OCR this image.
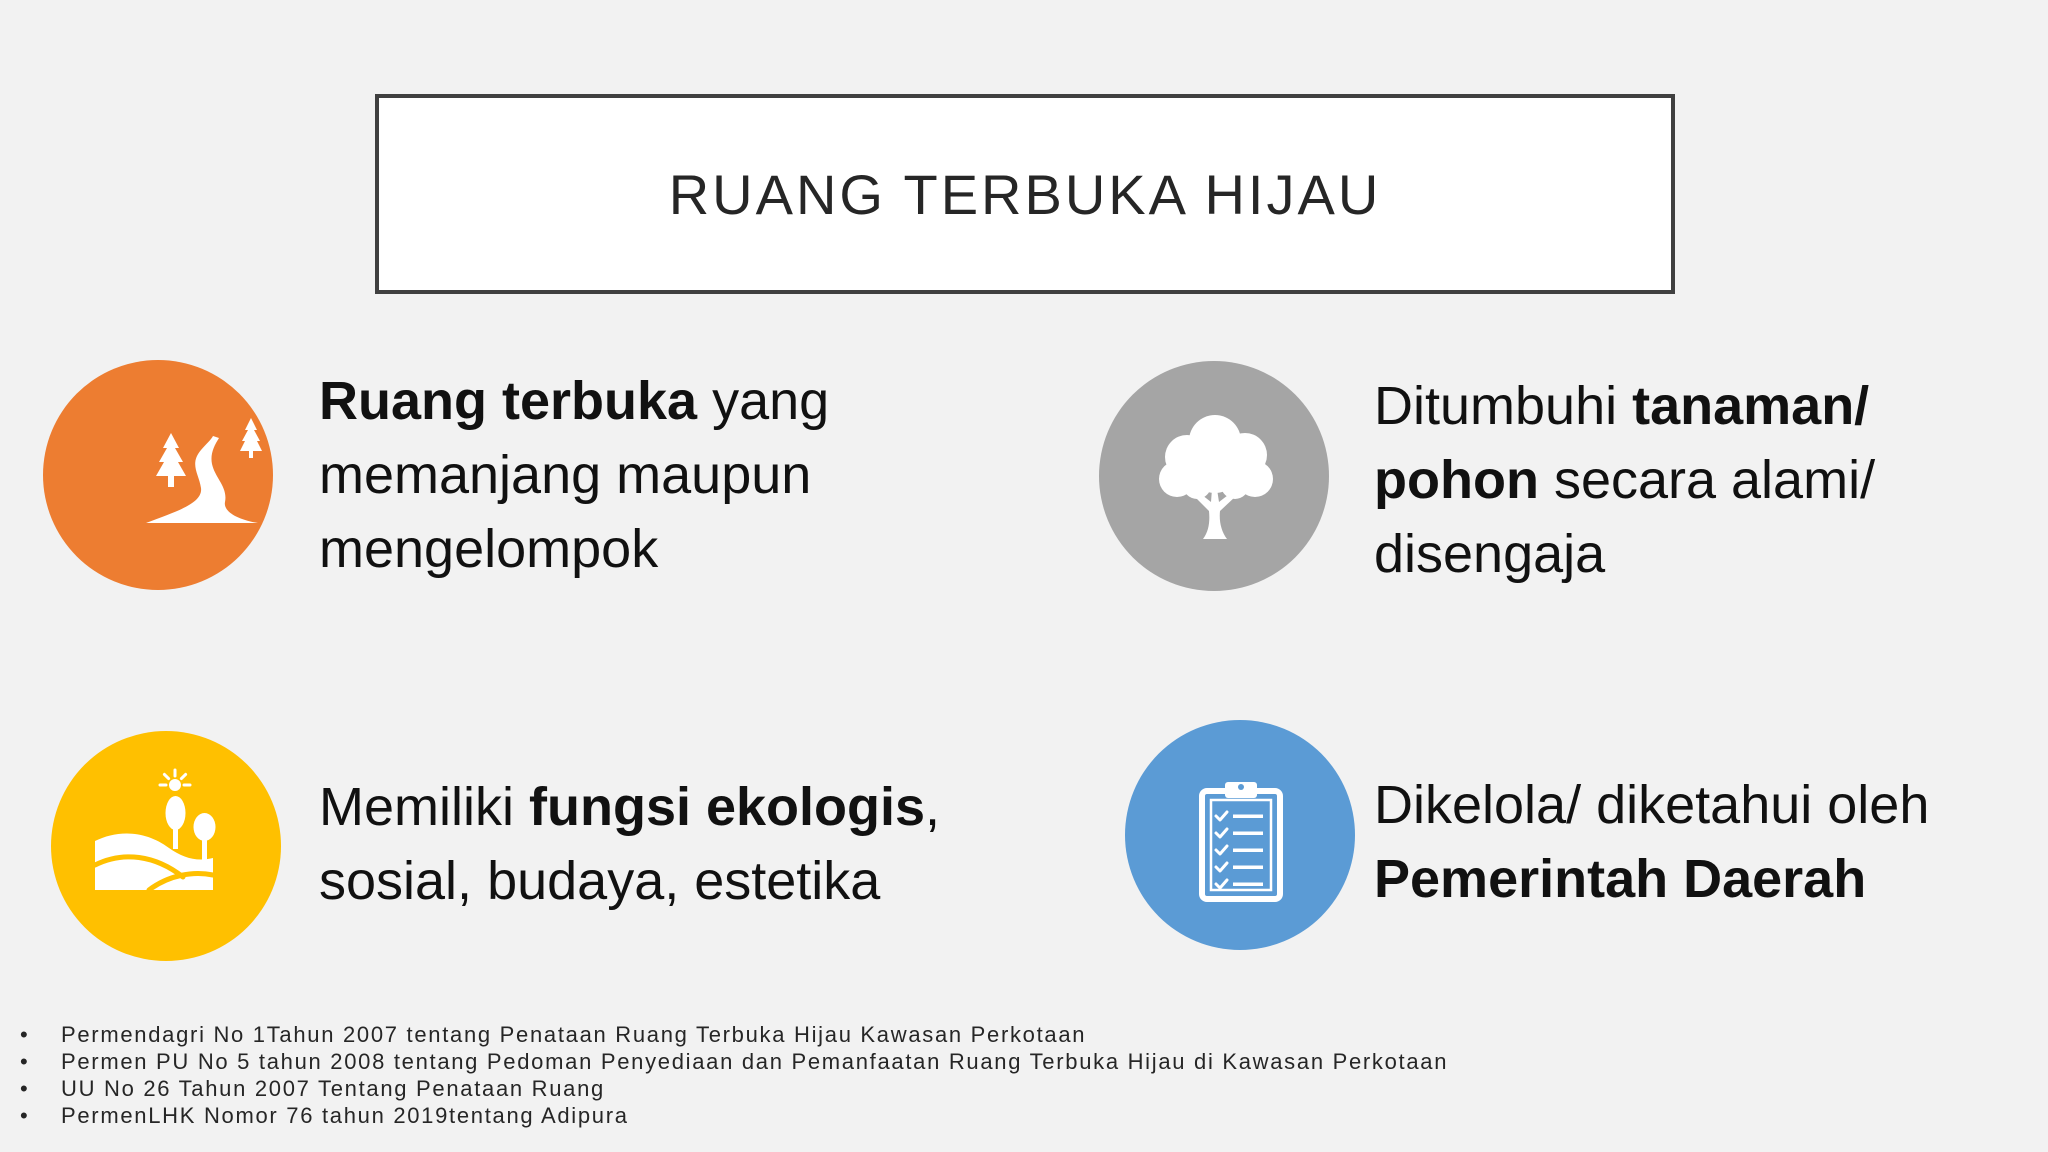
RUANG TERBUKA HIJAU
Ruang terbuka yang
memanjang maupun
mengelompok
Ditumbuhi tanaman/
pohon secara alami/
disengaja
Memiliki fungsi ekologis,
sosial, budaya, estetika
Dikelola/ diketahui oleh
Pemerintah Daerah
• Permendagri No 1Tahun 2007 tentang Penataan Ruang Terbuka Hijau Kawasan Perkotaan
• Permen PU No 5 tahun 2008 tentang Pedoman Penyediaan dan Pemanfaatan Ruang Terbuka Hijau di Kawasan Perkotaan
• UU No 26 Tahun 2007 Tentang Penataan Ruang
• PermenLHK Nomor 76 tahun 2019tentang Adipura
